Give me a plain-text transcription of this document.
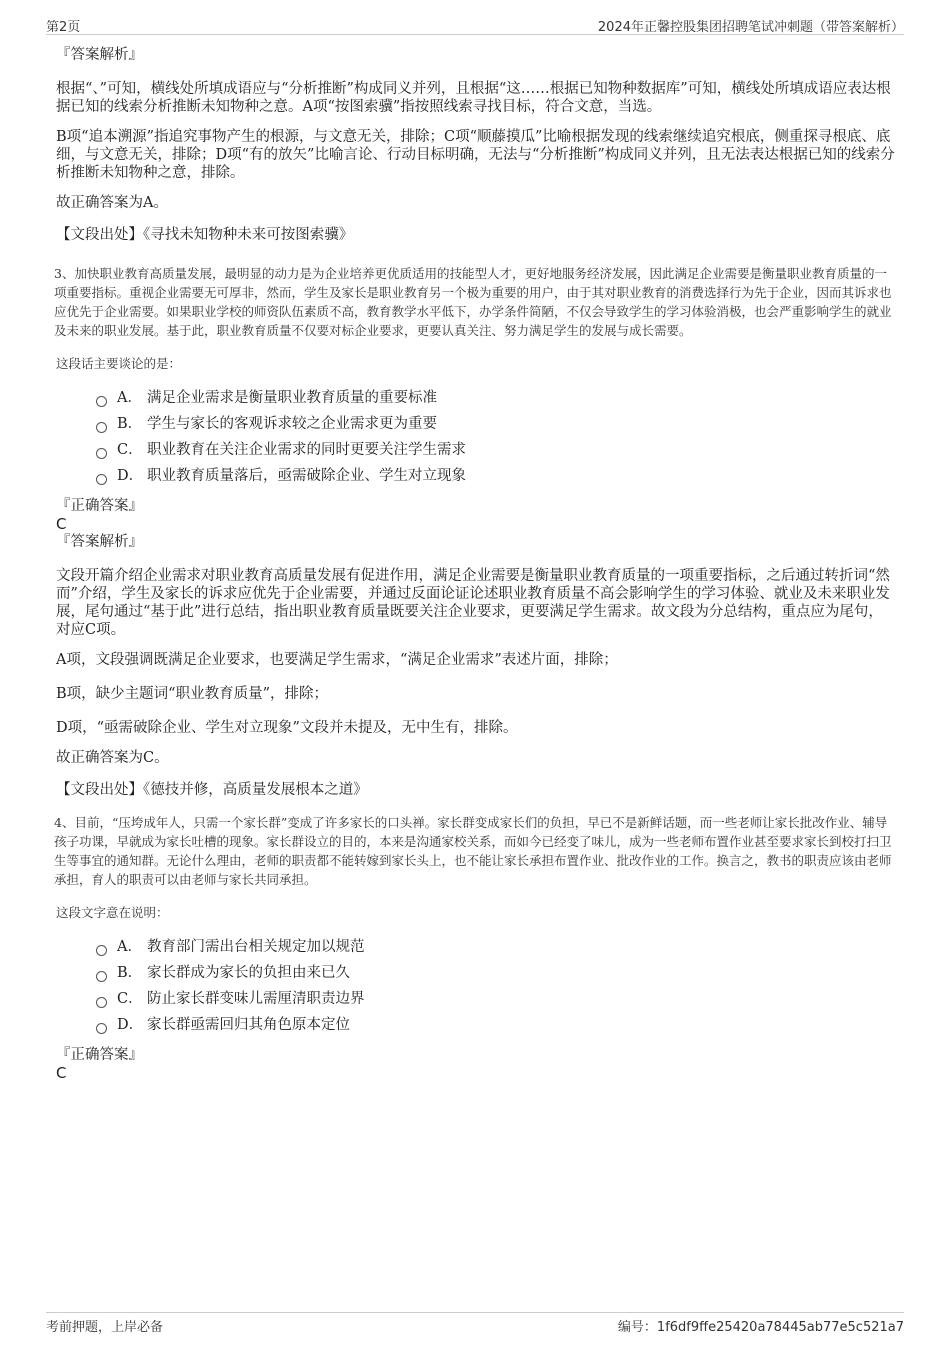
第2页	2024年正馨控股集团招聘笔试冲刺题（带答案解析）

『答案解析』

根据“、”可知，横线处所填成语应与“分析推断”构成同义并列，且根据“这……根据已知物种数据库”可知，横线处所填成语应表达根据已知的线索分析推断未知物种之意。A项“按图索骥”指按照线索寻找目标，符合文意，当选。

B项“追本溯源”指追究事物产生的根源，与文意无关，排除；C项“顺藤摸瓜”比喻根据发现的线索继续追究根底，侧重探寻根底、底细，与文意无关，排除；D项“有的放矢”比喻言论、行动目标明确，无法与“分析推断”构成同义并列，且无法表达根据已知的线索分析推断未知物种之意，排除。

故正确答案为A。

【文段出处】《寻找未知物种未来可按图索骥》

3、加快职业教育高质量发展，最明显的动力是为企业培养更优质适用的技能型人才，更好地服务经济发展，因此满足企业需要是衡量职业教育质量的一项重要指标。重视企业需要无可厚非，然而，学生及家长是职业教育另一个极为重要的用户，由于其对职业教育的消费选择行为先于企业，因而其诉求也应优先于企业需要。如果职业学校的师资队伍素质不高，教育教学水平低下，办学条件简陋，不仅会导致学生的学习体验消极，也会严重影响学生的就业及未来的职业发展。基于此，职业教育质量不仅要对标企业要求，更要认真关注、努力满足学生的发展与成长需要。

这段话主要谈论的是：

A． 满足企业需求是衡量职业教育质量的重要标准
B． 学生与家长的客观诉求较之企业需求更为重要
C． 职业教育在关注企业需求的同时更要关注学生需求
D． 职业教育质量落后，亟需破除企业、学生对立现象

『正确答案』

C

『答案解析』

文段开篇介绍企业需求对职业教育高质量发展有促进作用，满足企业需要是衡量职业教育质量的一项重要指标，之后通过转折词“然而”介绍，学生及家长的诉求应优先于企业需要，并通过反面论证论述职业教育质量不高会影响学生的学习体验、就业及未来职业发展，尾句通过“基于此”进行总结，指出职业教育质量既要关注企业要求，更要满足学生需求。故文段为分总结构，重点应为尾句，对应C项。

A项，文段强调既满足企业要求，也要满足学生需求，“满足企业需求”表述片面，排除；

B项，缺少主题词“职业教育质量”，排除；

D项，“亟需破除企业、学生对立现象”文段并未提及，无中生有，排除。

故正确答案为C。

【文段出处】《德技并修，高质量发展根本之道》

4、目前，“压垮成年人，只需一个家长群”变成了许多家长的口头禅。家长群变成家长们的负担，早已不是新鲜话题，而一些老师让家长批改作业、辅导孩子功课，早就成为家长吐槽的现象。家长群设立的目的，本来是沟通家校关系，而如今已经变了味儿，成为一些老师布置作业甚至要求家长到校打扫卫生等事宜的通知群。无论什么理由，老师的职责都不能转嫁到家长头上，也不能让家长承担布置作业、批改作业的工作。换言之，教书的职责应该由老师承担，育人的职责可以由老师与家长共同承担。

这段文字意在说明：

A． 教育部门需出台相关规定加以规范
B． 家长群成为家长的负担由来已久
C． 防止家长群变味儿需厘清职责边界
D． 家长群亟需回归其角色原本定位

『正确答案』

C

考前押题，上岸必备	编号：1f6df9ffe25420a78445ab77e5c521a7
